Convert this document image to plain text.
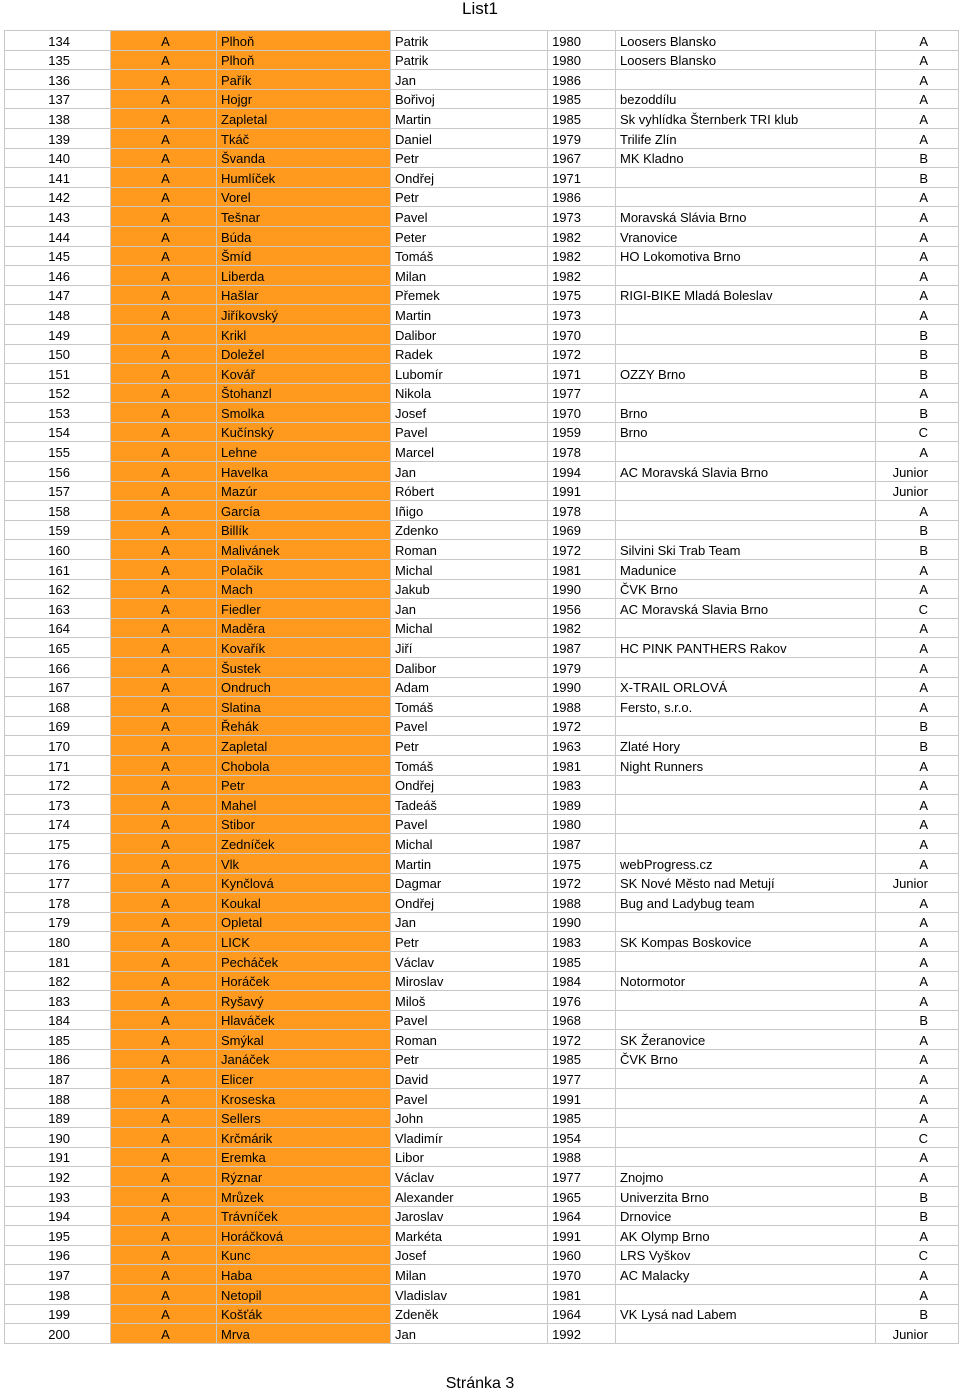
List1
134	A	Plhoň	Patrik	1980	Loosers Blansko	A
135	A	Plhoň	Patrik	1980	Loosers Blansko	A
136	A	Pařík	Jan	1986		A
137	A	Hojgr	Bořivoj	1985	bezoddílu	A
138	A	Zapletal	Martin	1985	Sk vyhlídka Šternberk TRI klub	A
139	A	Tkáč	Daniel	1979	Trilife Zlín	A
140	A	Švanda	Petr	1967	MK Kladno	B
141	A	Humlíček	Ondřej	1971		B
142	A	Vorel	Petr	1986		A
143	A	Tešnar	Pavel	1973	Moravská Slávia Brno	A
144	A	Búda	Peter	1982	Vranovice	A
145	A	Šmíd	Tomáš	1982	HO Lokomotiva Brno	A
146	A	Liberda	Milan	1982		A
147	A	Hašlar	Přemek	1975	RIGI-BIKE Mladá Boleslav	A
148	A	Jiříkovský	Martin	1973		A
149	A	Krikl	Dalibor	1970		B
150	A	Doležel	Radek	1972		B
151	A	Kovář	Lubomír	1971	OZZY Brno	B
152	A	Štohanzl	Nikola	1977		A
153	A	Smolka	Josef	1970	Brno	B
154	A	Kučínský	Pavel	1959	Brno	C
155	A	Lehne	Marcel	1978		A
156	A	Havelka	Jan	1994	AC Moravská Slavia Brno	Junior
157	A	Mazúr	Róbert	1991		Junior
158	A	García	Iñigo	1978		A
159	A	Billík	Zdenko	1969		B
160	A	Malivánek	Roman	1972	Silvini Ski Trab Team	B
161	A	Polačik	Michal	1981	Madunice	A
162	A	Mach	Jakub	1990	ČVK Brno	A
163	A	Fiedler	Jan	1956	AC Moravská Slavia Brno	C
164	A	Maděra	Michal	1982		A
165	A	Kovařík	Jiří	1987	HC PINK PANTHERS Rakov	A
166	A	Šustek	Dalibor	1979		A
167	A	Ondruch	Adam	1990	X-TRAIL ORLOVÁ	A
168	A	Slatina	Tomáš	1988	Fersto, s.r.o.	A
169	A	Řehák	Pavel	1972		B
170	A	Zapletal	Petr	1963	Zlaté Hory	B
171	A	Chobola	Tomáš	1981	Night Runners	A
172	A	Petr	Ondřej	1983		A
173	A	Mahel	Tadeáš	1989		A
174	A	Stibor	Pavel	1980		A
175	A	Zedníček	Michal	1987		A
176	A	Vlk	Martin	1975	webProgress.cz	A
177	A	Kynčlová	Dagmar	1972	SK Nové Město nad Metují	Junior
178	A	Koukal	Ondřej	1988	Bug and Ladybug team	A
179	A	Opletal	Jan	1990		A
180	A	LICK	Petr	1983	SK Kompas Boskovice	A
181	A	Pecháček	Václav	1985		A
182	A	Horáček	Miroslav	1984	Notormotor	A
183	A	Ryšavý	Miloš	1976		A
184	A	Hlaváček	Pavel	1968		B
185	A	Smýkal	Roman	1972	SK Žeranovice	A
186	A	Janáček	Petr	1985	ČVK Brno	A
187	A	Elicer	David	1977		A
188	A	Kroseska	Pavel	1991		A
189	A	Sellers	John	1985		A
190	A	Krčmárik	Vladimír	1954		C
191	A	Eremka	Libor	1988		A
192	A	Rýznar	Václav	1977	Znojmo	A
193	A	Mrůzek	Alexander	1965	Univerzita Brno	B
194	A	Trávníček	Jaroslav	1964	Drnovice	B
195	A	Horáčková	Markéta	1991	AK Olymp Brno	A
196	A	Kunc	Josef	1960	LRS Vyškov	C
197	A	Haba	Milan	1970	AC Malacky	A
198	A	Netopil	Vladislav	1981		A
199	A	Košťák	Zdeněk	1964	VK Lysá nad Labem	B
200	A	Mrva	Jan	1992		Junior
Stránka 3
